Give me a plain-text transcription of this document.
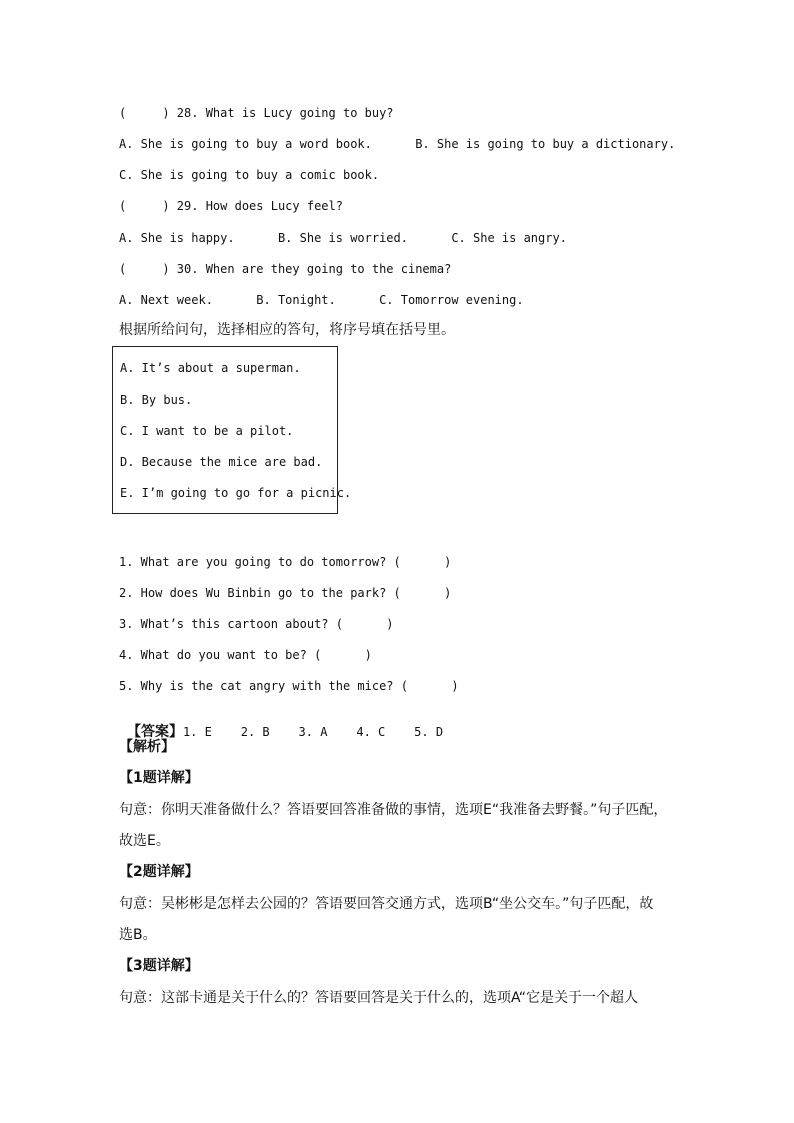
(     ) 28. What is Lucy going to buy?
A. She is going to buy a word book.      B. She is going to buy a dictionary.
C. She is going to buy a comic book.
(     ) 29. How does Lucy feel?
A. She is happy.      B. She is worried.      C. She is angry.
(     ) 30. When are they going to the cinema?
A. Next week.      B. Tonight.      C. Tomorrow evening.
根据所给问句，选择相应的答句，将序号填在括号里。
A. It’s about a superman.
B. By bus.
C. I want to be a pilot.
D. Because the mice are bad.
E. I’m going to go for a picnic.
1. What are you going to do tomorrow? (      )
2. How does Wu Binbin go to the park? (      )
3. What’s this cartoon about? (      )
4. What do you want to be? (      )
5. Why is the cat angry with the mice? (      )

【答案】1. E    2. B    3. A    4. C    5. D

【解析】
【1题详解】
句意：你明天准备做什么？答语要回答准备做的事情，选项E“我准备去野餐。”句子匹配，
故选E。
【2题详解】
句意：吴彬彬是怎样去公园的？答语要回答交通方式，选项B“坐公交车。”句子匹配，故
选B。
【3题详解】
句意：这部卡通是关于什么的？答语要回答是关于什么的，选项A“它是关于一个超人
